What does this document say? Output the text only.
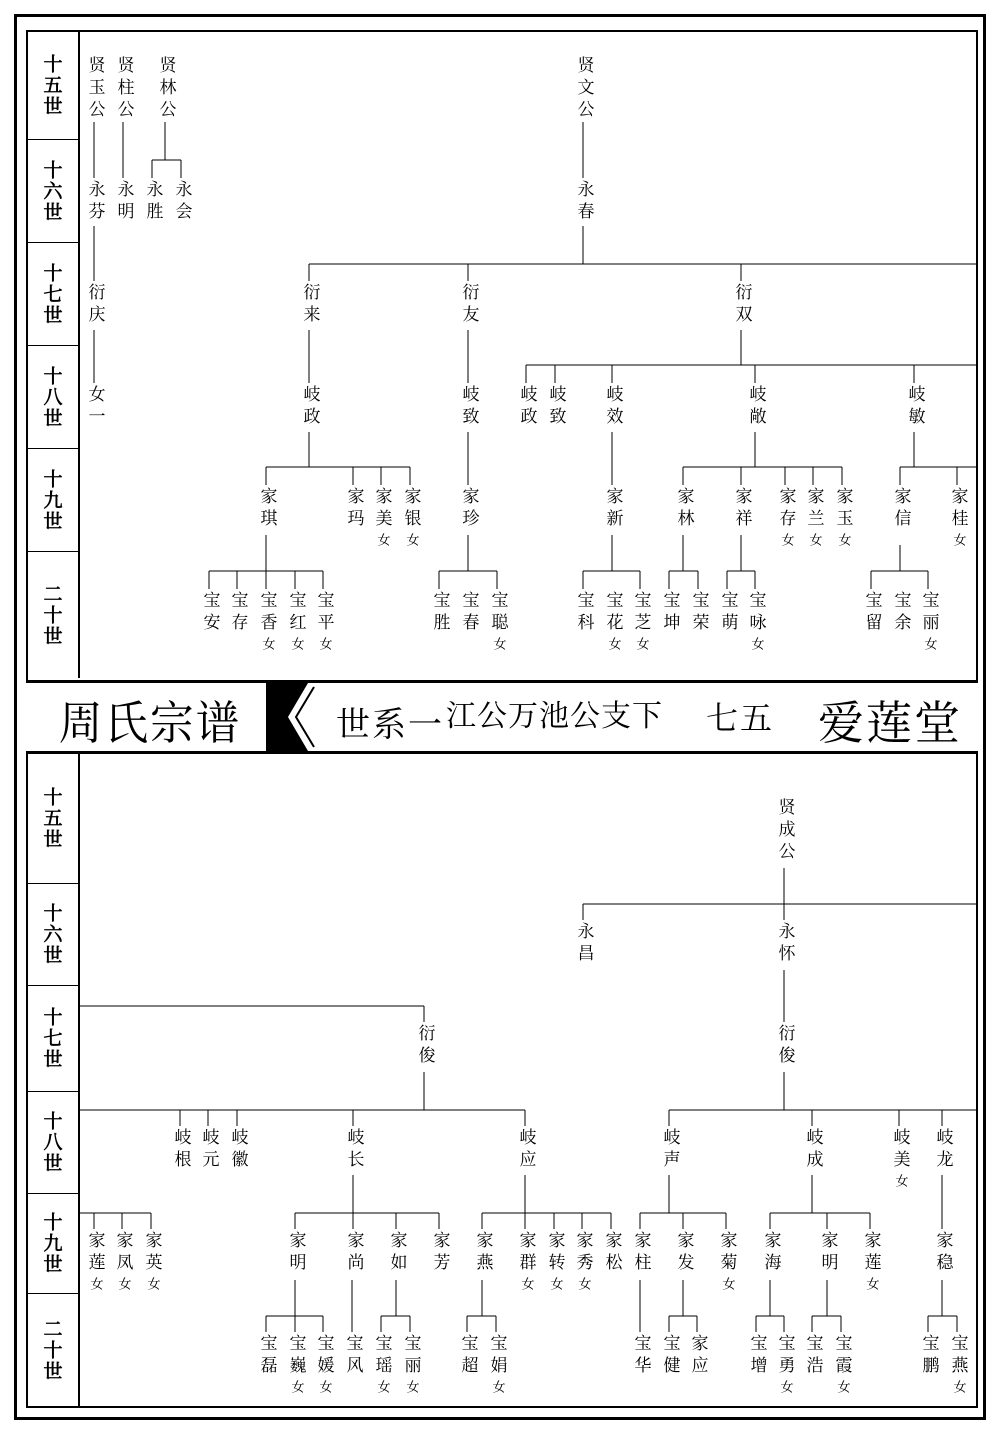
十五世
十六世
十七世
十八世
十九世
二十世
十五世
十六世
十七世
十八世
十九世
二十世
周氏宗谱	世系一 江公万池公支下 七五 爱莲堂
贤玉公 贤柱公 贤林公	贤文公
永芬 永明 永胜 永会	永春
衍庆	衍来	衍友	衍双
女一	岐政	岐致 岐政 岐致 岐效	岐敞	岐敏
家琪	家玛 家美女
家银女
家珍	家新	家林 家祥 家存女
家兰女
家玉女
家信 家桂女
宝安 宝存 宝香女
宝红女
宝平女
宝胜 宝春 宝聪女
宝科 宝花女
宝芝女
宝坤 宝荣 宝萌 宝咏女
宝留 宝余 宝丽女
贤成公
永昌	永怀
衍俊	衍俊
岐根 岐元 岐徽	岐长	岐应	岐声	岐成	岐美女
岐龙
家莲女
家凤女
家英女
家明 家尚 家如 家芳 家燕 家群女
家转女
家秀女
家松 家柱 家发 家菊女
家海 家明 家莲女
家稳
宝磊 宝巍女
宝媛女
宝风 宝瑶女
宝丽女
宝超 宝娟女
宝华 宝健 家应 宝增 宝勇女
宝浩 宝霞女
宝鹏 宝燕女
